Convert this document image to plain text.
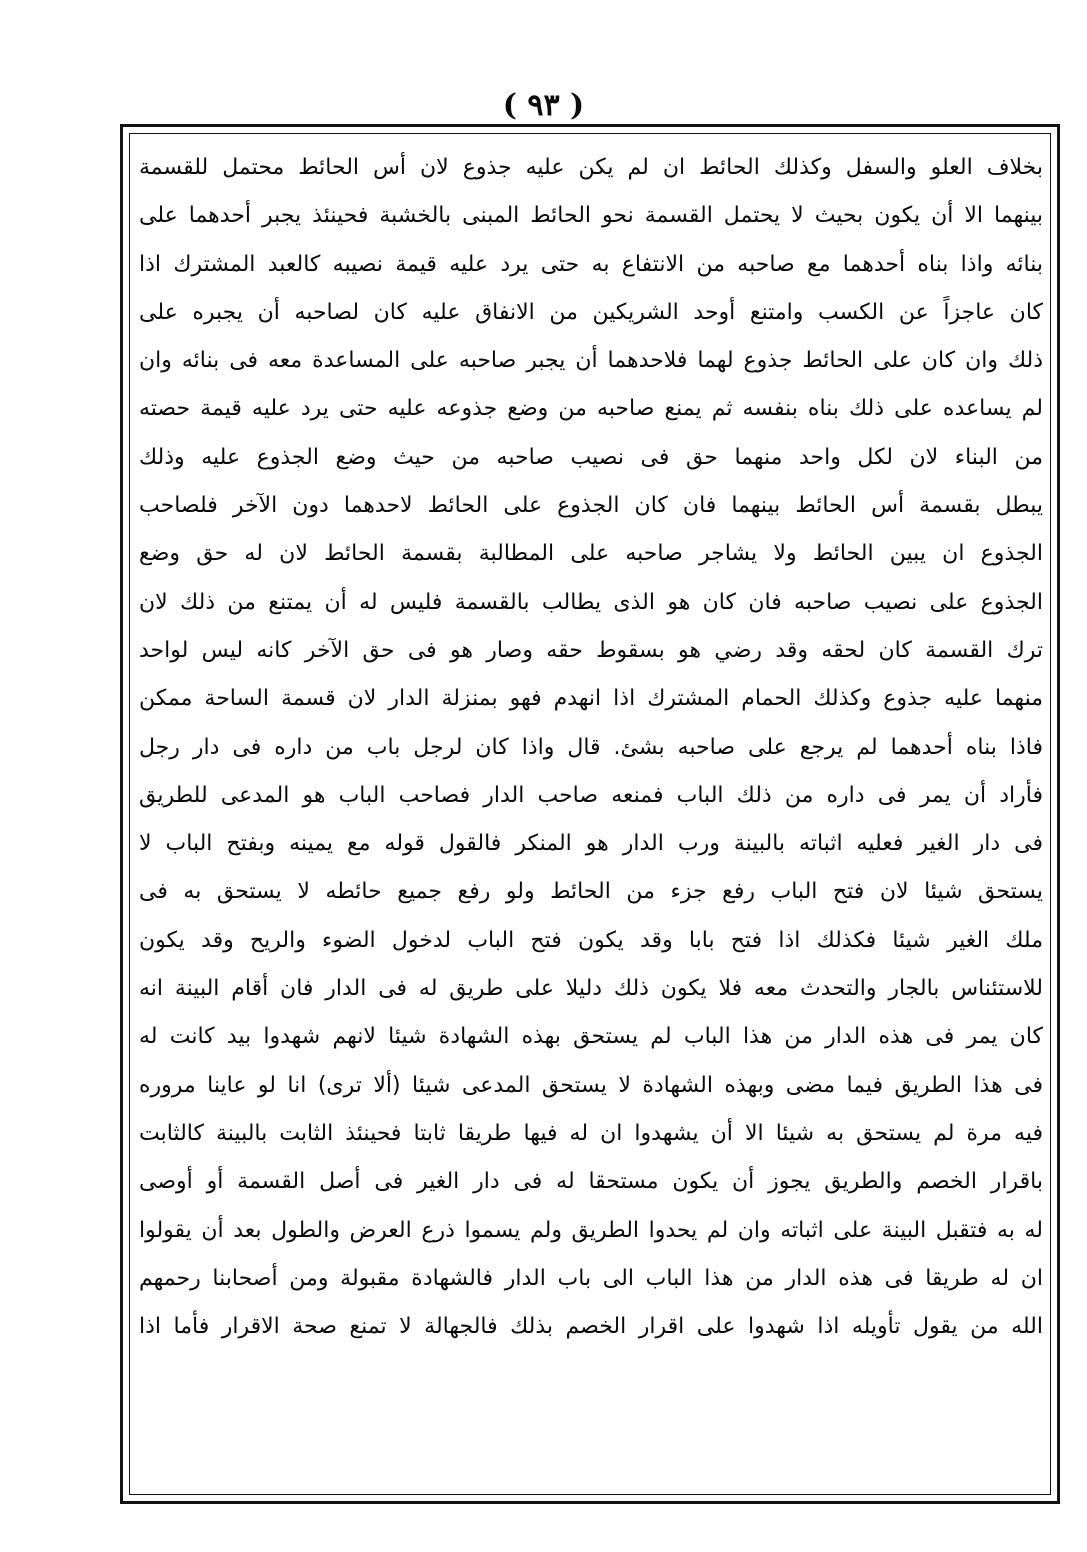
( ٩٣ )
بخلاف العلو والسفل وكذلك الحائط ان لم يكن عليه جذوع لان أس الحائط محتمل للقسمة
بينهما الا أن يكون بحيث لا يحتمل القسمة نحو الحائط المبنى بالخشبة فحينئذ يجبر أحدهما على
بنائه واذا بناه أحدهما مع صاحبه من الانتفاع به حتى يرد عليه قيمة نصيبه كالعبد المشترك اذا
كان عاجزاً عن الكسب وامتنع أوحد الشريكين من الانفاق عليه كان لصاحبه أن يجبره على
ذلك وان كان على الحائط جذوع لهما فلاحدهما أن يجبر صاحبه على المساعدة معه فى بنائه وان
لم يساعده على ذلك بناه بنفسه ثم يمنع صاحبه من وضع جذوعه عليه حتى يرد عليه قيمة حصته
من البناء لان لكل واحد منهما حق فى نصيب صاحبه من حيث وضع الجذوع عليه وذلك
يبطل بقسمة أس الحائط بينهما فان كان الجذوع على الحائط لاحدهما دون الآخر فلصاحب
الجذوع ان يبين الحائط ولا يشاجر صاحبه على المطالبة بقسمة الحائط لان له حق وضع
الجذوع على نصيب صاحبه فان كان هو الذى يطالب بالقسمة فليس له أن يمتنع من ذلك لان
ترك القسمة كان لحقه وقد رضي هو بسقوط حقه وصار هو فى حق الآخر كانه ليس لواحد
منهما عليه جذوع وكذلك الحمام المشترك اذا انهدم فهو بمنزلة الدار لان قسمة الساحة ممكن
فاذا بناه أحدهما لم يرجع على صاحبه بشئ. قال واذا كان لرجل باب من داره فى دار رجل
فأراد أن يمر فى داره من ذلك الباب فمنعه صاحب الدار فصاحب الباب هو المدعى للطريق
فى دار الغير فعليه اثباته بالبينة ورب الدار هو المنكر فالقول قوله مع يمينه وبفتح الباب لا
يستحق شيئا لان فتح الباب رفع جزء من الحائط ولو رفع جميع حائطه لا يستحق به فى
ملك الغير شيئا فكذلك اذا فتح بابا وقد يكون فتح الباب لدخول الضوء والريح وقد يكون
للاستئناس بالجار والتحدث معه فلا يكون ذلك دليلا على طريق له فى الدار فان أقام البينة انه
كان يمر فى هذه الدار من هذا الباب لم يستحق بهذه الشهادة شيئا لانهم شهدوا بيد كانت له
فى هذا الطريق فيما مضى وبهذه الشهادة لا يستحق المدعى شيئا (ألا ترى) انا لو عاينا مروره
فيه مرة لم يستحق به شيئا الا أن يشهدوا ان له فيها طريقا ثابتا فحينئذ الثابت بالبينة كالثابت
باقرار الخصم والطريق يجوز أن يكون مستحقا له فى دار الغير فى أصل القسمة أو أوصى
له به فتقبل البينة على اثباته وان لم يحدوا الطريق ولم يسموا ذرع العرض والطول بعد أن يقولوا
ان له طريقا فى هذه الدار من هذا الباب الى باب الدار فالشهادة مقبولة ومن أصحابنا رحمهم
الله من يقول تأويله اذا شهدوا على اقرار الخصم بذلك فالجهالة لا تمنع صحة الاقرار فأما اذا
